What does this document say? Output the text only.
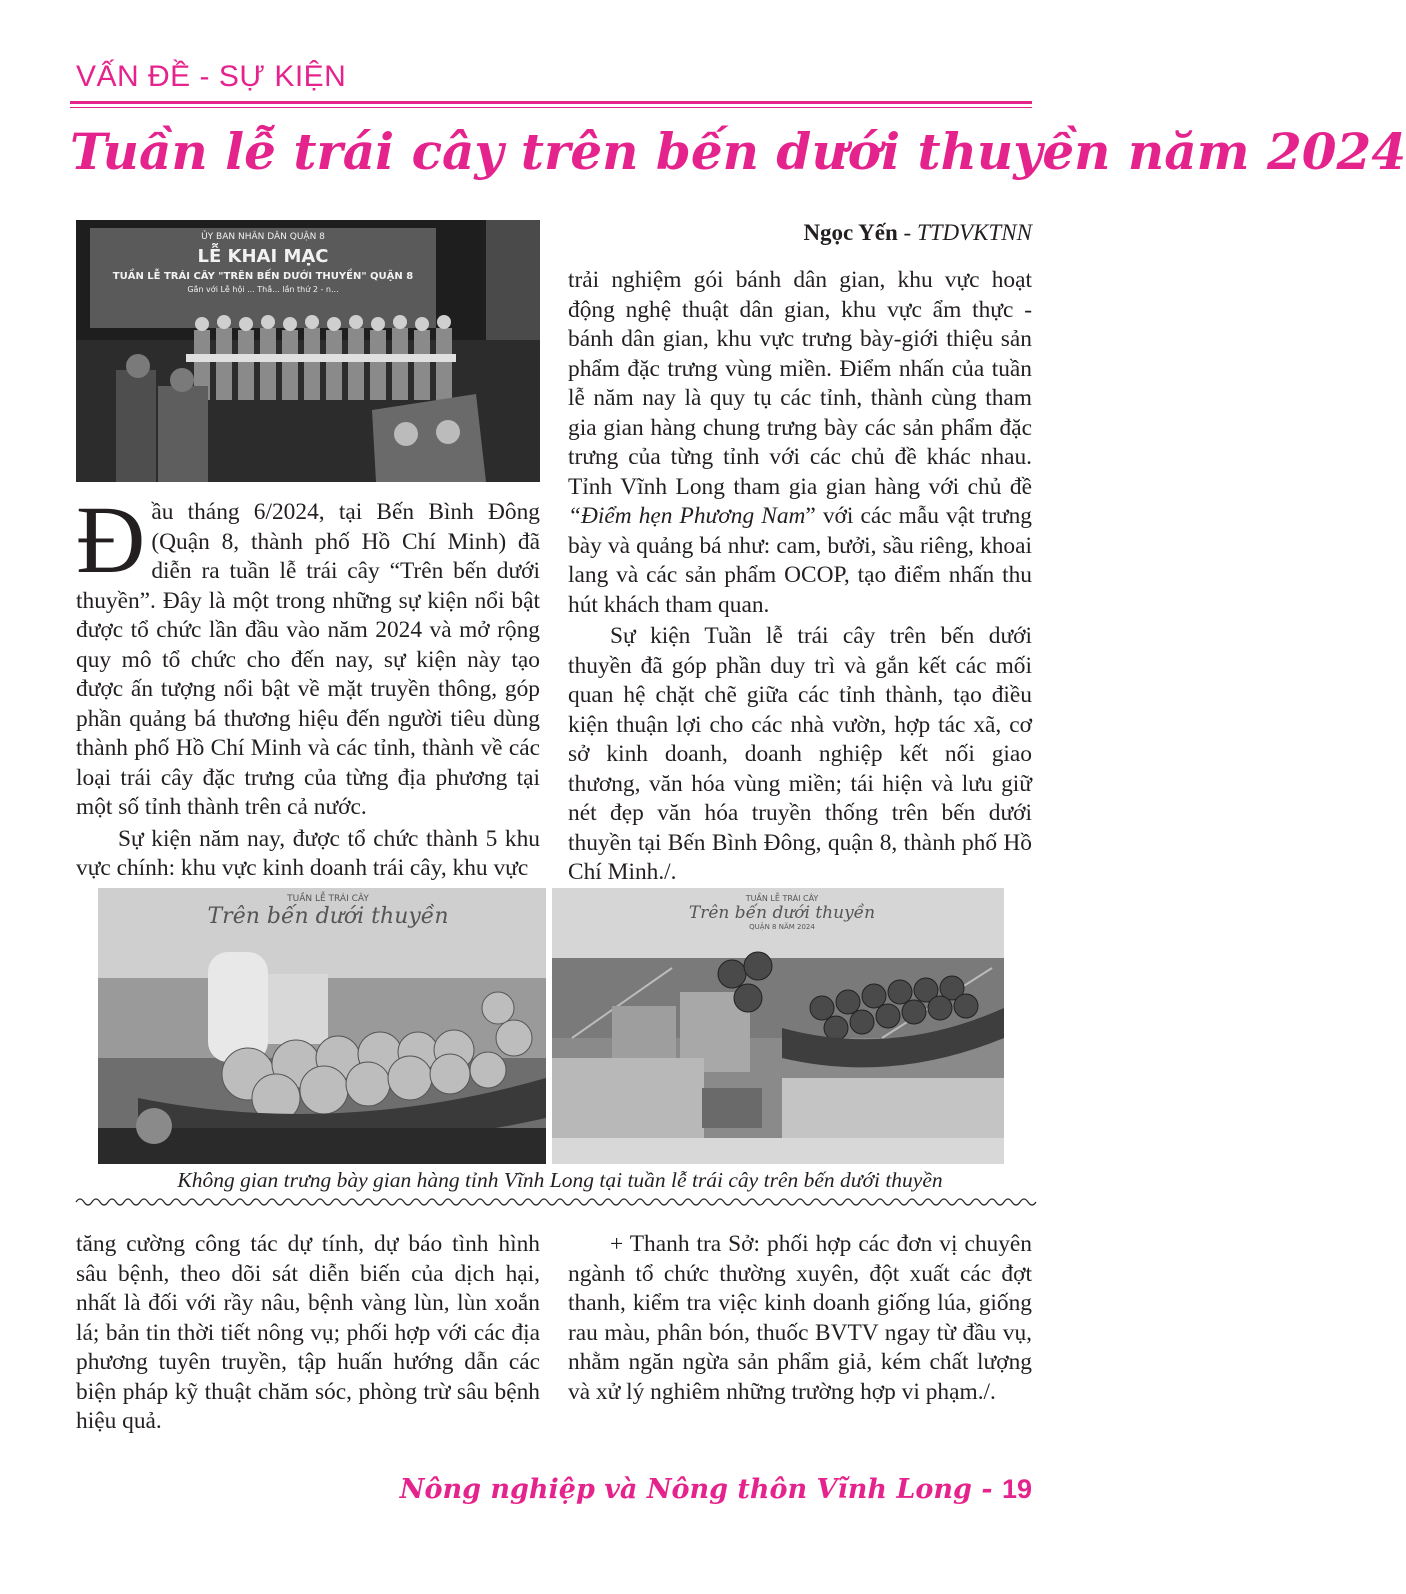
VẤN ĐỀ - SỰ KIỆN
Tuần lễ trái cây trên bến dưới thuyền năm 2024
ỦY BAN NHÂN DÂN QUẬN 8
LỄ KHAI MẠC
TUẦN LỄ TRÁI CÂY "TRÊN BẾN DƯỚI THUYỀN" QUẬN 8
Gắn với Lễ hội ... Thắ... lần thứ 2 - n...
Ngọc Yến - TTDVKTNN

Đầu tháng 6/2024, tại Bến Bình Đông (Quận 8, thành phố Hồ Chí Minh) đã diễn ra tuần lễ trái cây “Trên bến dưới thuyền”. Đây là một trong những sự kiện nổi bật được tổ chức lần đầu vào năm 2024 và mở rộng quy mô tổ chức cho đến nay, sự kiện này tạo được ấn tượng nổi bật về mặt truyền thông, góp phần quảng bá thương hiệu đến người tiêu dùng thành phố Hồ Chí Minh và các tỉnh, thành về các loại trái cây đặc trưng của từng địa phương tại một số tỉnh thành trên cả nước.

Sự kiện năm nay, được tổ chức thành 5 khu vực chính: khu vực kinh doanh trái cây, khu vực

trải nghiệm gói bánh dân gian, khu vực hoạt động nghệ thuật dân gian, khu vực ẩm thực - bánh dân gian, khu vực trưng bày-giới thiệu sản phẩm đặc trưng vùng miền. Điểm nhấn của tuần lễ năm nay là quy tụ các tỉnh, thành cùng tham gia gian hàng chung trưng bày các sản phẩm đặc trưng của từng tỉnh với các chủ đề khác nhau. Tỉnh Vĩnh Long tham gia gian hàng với chủ đề “Điểm hẹn Phương Nam” với các mẫu vật trưng bày và quảng bá như: cam, bưởi, sầu riêng, khoai lang và các sản phẩm OCOP, tạo điểm nhấn thu hút khách tham quan.

Sự kiện Tuần lễ trái cây trên bến dưới thuyền đã góp phần duy trì và gắn kết các mối quan hệ chặt chẽ giữa các tỉnh thành, tạo điều kiện thuận lợi cho các nhà vườn, hợp tác xã, cơ sở kinh doanh, doanh nghiệp kết nối giao thương, văn hóa vùng miền; tái hiện và lưu giữ nét đẹp văn hóa truyền thống trên bến dưới thuyền tại Bến Bình Đông, quận 8, thành phố Hồ Chí Minh./.

TUẦN LỄ TRÁI CÂY
Trên bến dưới thuyền
TUẦN LỄ TRÁI CÂY
Trên bến dưới thuyền
QUẬN 8 NĂM 2024
Không gian trưng bày gian hàng tỉnh Vĩnh Long tại tuần lễ trái cây trên bến dưới thuyền

tăng cường công tác dự tính, dự báo tình hình sâu bệnh, theo dõi sát diễn biến của dịch hại, nhất là đối với rầy nâu, bệnh vàng lùn, lùn xoắn lá; bản tin thời tiết nông vụ; phối hợp với các địa phương tuyên truyền, tập huấn hướng dẫn các biện pháp kỹ thuật chăm sóc, phòng trừ sâu bệnh hiệu quả.

+ Thanh tra Sở: phối hợp các đơn vị chuyên ngành tổ chức thường xuyên, đột xuất các đợt thanh, kiểm tra việc kinh doanh giống lúa, giống rau màu, phân bón, thuốc BVTV ngay từ đầu vụ, nhằm ngăn ngừa sản phẩm giả, kém chất lượng và xử lý nghiêm những trường hợp vi phạm./.

Nông nghiệp và Nông thôn Vĩnh Long - 19
